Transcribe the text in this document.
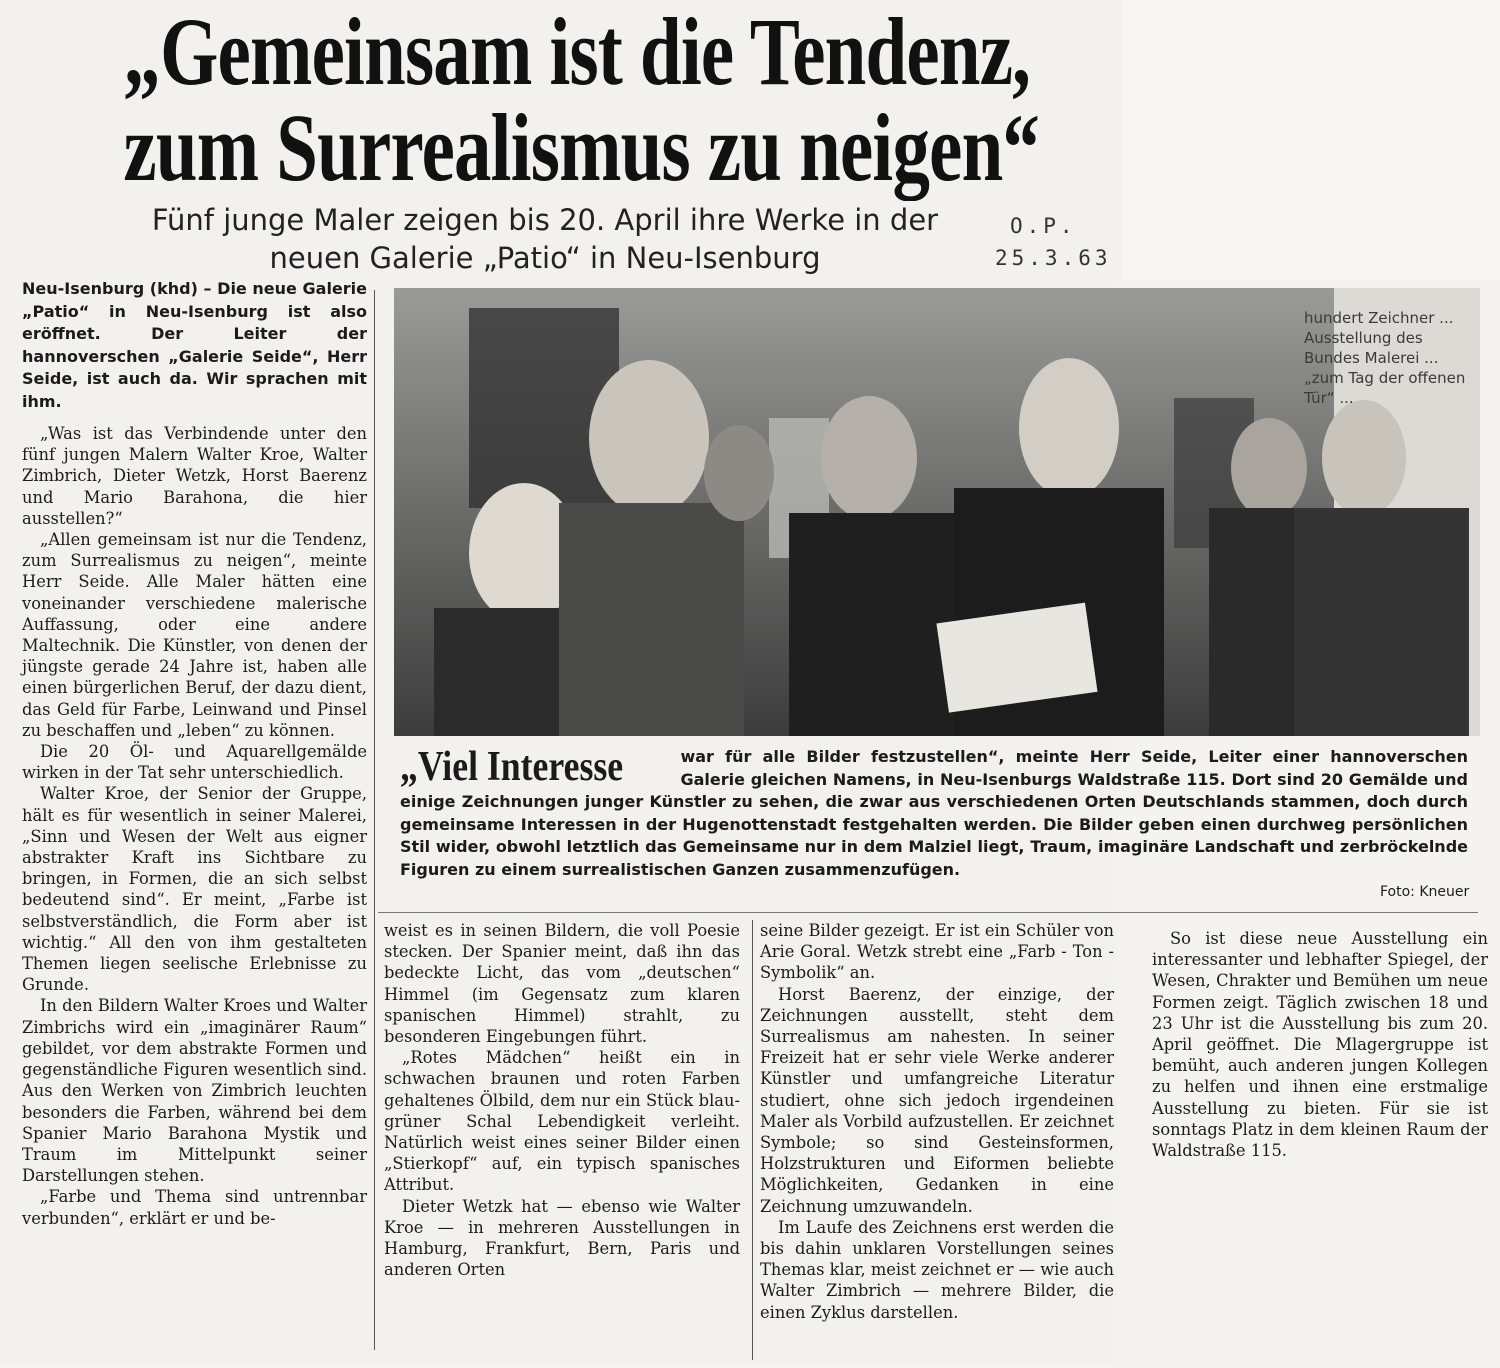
„Gemeinsam ist die Tendenz,
zum Surrealismus zu neigen“
Fünf junge Maler zeigen bis 20. April ihre Werke in der
neuen Galerie „Patio“ in Neu-Isenburg
O.P.
25.3.63
Neu-Isenburg (khd) – Die neue Galerie „Patio“ in Neu-Isenburg ist also eröffnet. Der Leiter der hannoverschen „Galerie Seide“, Herr Seide, ist auch da. Wir sprachen mit ihm.

„Was ist das Verbindende unter den fünf jungen Malern Walter Kroe, Walter Zimbrich, Dieter Wetzk, Horst Baerenz und Mario Barahona, die hier ausstellen?“

„Allen gemeinsam ist nur die Tendenz, zum Surrealismus zu neigen“, meinte Herr Seide. Alle Maler hätten eine voneinander verschiedene malerische Auffassung, oder eine andere Maltechnik. Die Künstler, von denen der jüngste gerade 24 Jahre ist, haben alle einen bürgerlichen Beruf, der dazu dient, das Geld für Farbe, Leinwand und Pinsel zu beschaffen und „leben“ zu können.

Die 20 Öl- und Aquarellgemälde wirken in der Tat sehr unterschiedlich.

Walter Kroe, der Senior der Gruppe, hält es für wesentlich in seiner Malerei, „Sinn und Wesen der Welt aus eigner abstrakter Kraft ins Sichtbare zu bringen, in Formen, die an sich selbst bedeutend sind“. Er meint, „Farbe ist selbstverständlich, die Form aber ist wichtig.“ All den von ihm gestalteten Themen liegen seelische Erlebnisse zu Grunde.

In den Bildern Walter Kroes und Walter Zimbrichs wird ein „imaginärer Raum“ gebildet, vor dem abstrakte Formen und gegenständliche Figuren wesentlich sind. Aus den Werken von Zimbrich leuchten besonders die Farben, während bei dem Spanier Mario Barahona Mystik und Traum im Mittelpunkt seiner Darstellungen stehen.

„Farbe und Thema sind untrennbar verbunden“, erklärt er und be-

hundert Zeichner ... Ausstellung des Bundes Malerei ...
„zum Tag der offenen Tür“ ...
„Viel Interesse	war für alle Bilder festzustellen“, meinte Herr Seide, Leiter einer hannoverschen Galerie gleichen Namens, in Neu-Isenburgs Waldstraße 115. Dort sind 20 Gemälde und einige Zeichnungen junger Künstler zu sehen, die zwar aus verschiedenen Orten Deutschlands stammen, doch durch gemeinsame Interessen in der Hugenottenstadt festgehalten werden. Die Bilder geben einen durchweg persönlichen Stil wider, obwohl letztlich das Gemeinsame nur in dem Malziel liegt, Traum, imaginäre Landschaft und zerbröckelnde Figuren zu einem surrealistischen Ganzen zusammenzufügen.
Foto: Kneuer

weist es in seinen Bildern, die voll Poesie stecken. Der Spanier meint, daß ihn das bedeckte Licht, das vom „deutschen“ Himmel (im Gegensatz zum klaren spanischen Himmel) strahlt, zu besonderen Eingebungen führt.

„Rotes Mädchen“ heißt ein in schwachen braunen und roten Farben gehaltenes Ölbild, dem nur ein Stück blau-grüner Schal Lebendigkeit verleiht. Natürlich weist eines seiner Bilder einen „Stierkopf“ auf, ein typisch spanisches Attribut.

Dieter Wetzk hat — ebenso wie Walter Kroe — in mehreren Ausstellungen in Hamburg, Frankfurt, Bern, Paris und anderen Orten

seine Bilder gezeigt. Er ist ein Schüler von Arie Goral. Wetzk strebt eine „Farb - Ton - Symbolik“ an.

Horst Baerenz, der einzige, der Zeichnungen ausstellt, steht dem Surrealismus am nahesten. In seiner Freizeit hat er sehr viele Werke anderer Künstler und umfangreiche Literatur studiert, ohne sich jedoch irgendeinen Maler als Vorbild aufzustellen. Er zeichnet Symbole; so sind Gesteinsformen, Holzstrukturen und Eiformen beliebte Möglichkeiten, Gedanken in eine Zeichnung umzuwandeln.

Im Laufe des Zeichnens erst werden die bis dahin unklaren Vorstellungen seines Themas klar, meist zeichnet er — wie auch Walter Zimbrich — mehrere Bilder, die einen Zyklus darstellen.

So ist diese neue Ausstellung ein interessanter und lebhafter Spiegel, der Wesen, Chrakter und Bemühen um neue Formen zeigt. Täglich zwischen 18 und 23 Uhr ist die Ausstellung bis zum 20. April geöffnet. Die Mlagergruppe ist bemüht, auch anderen jungen Kollegen zu helfen und ihnen eine erstmalige Ausstellung zu bieten. Für sie ist sonntags Platz in dem kleinen Raum der Waldstraße 115.
